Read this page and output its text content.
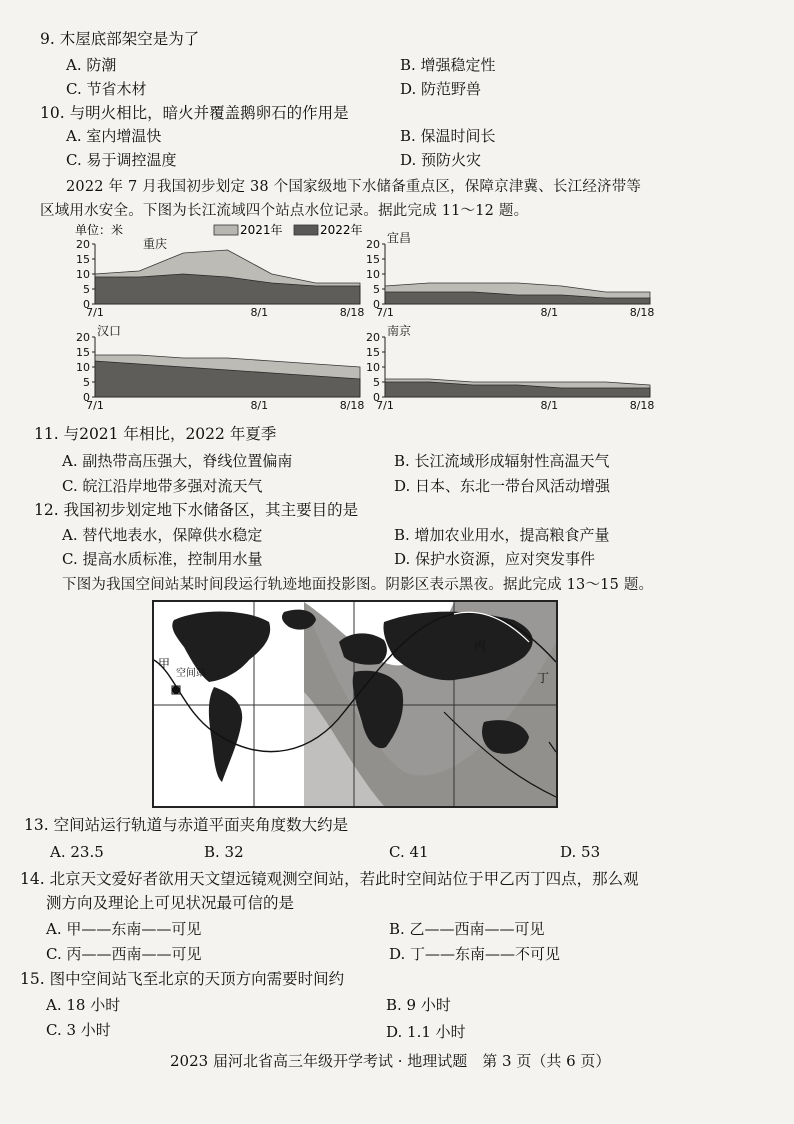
9. 木屋底部架空是为了
A. 防潮	B. 增强稳定性
C. 节省木材	D. 防范野兽
10. 与明火相比，暗火并覆盖鹅卵石的作用是
A. 室内增温快	B. 保温时间长
C. 易于调控温度	D. 预防火灾
2022 年 7 月我国初步划定 38 个国家级地下水储备重点区，保障京津冀、长江经济带等
区域用水安全。下图为长江流域四个站点水位记录。据此完成 11～12 题。
单位：米	2021年	2022年
20
15
10
5
0
重庆
7/1	8/1	8/18
20
15
10
5
0
宜昌
7/1	8/1	8/18
20
15
10
5
0
汉口
7/1	8/1	8/18
20
15
10
5
0
南京
7/1	8/1	8/18
11. 与2021 年相比，2022 年夏季
A. 副热带高压强大，脊线位置偏南	B. 长江流域形成辐射性高温天气
C. 皖江沿岸地带多强对流天气	D. 日本、东北一带台风活动增强
12. 我国初步划定地下水储备区，其主要目的是
A. 替代地表水，保障供水稳定	B. 增加农业用水，提高粮食产量
C. 提高水质标准，控制用水量	D. 保护水资源，应对突发事件
下图为我国空间站某时间段运行轨迹地面投影图。阴影区表示黑夜。据此完成 13～15 题。
甲
空间站
丙
丁
13. 空间站运行轨道与赤道平面夹角度数大约是
A. 23.5	B. 32	C. 41	D. 53
14. 北京天文爱好者欲用天文望远镜观测空间站，若此时空间站位于甲乙丙丁四点，那么观
测方向及理论上可见状况最可信的是
A. 甲——东南——可见	B. 乙——西南——可见
C. 丙——西南——可见	D. 丁——东南——不可见
15. 图中空间站飞至北京的天顶方向需要时间约
A. 18 小时	B. 9 小时
C. 3 小时	D. 1.1 小时
2023 届河北省高三年级开学考试 · 地理试题　第 3 页（共 6 页）
